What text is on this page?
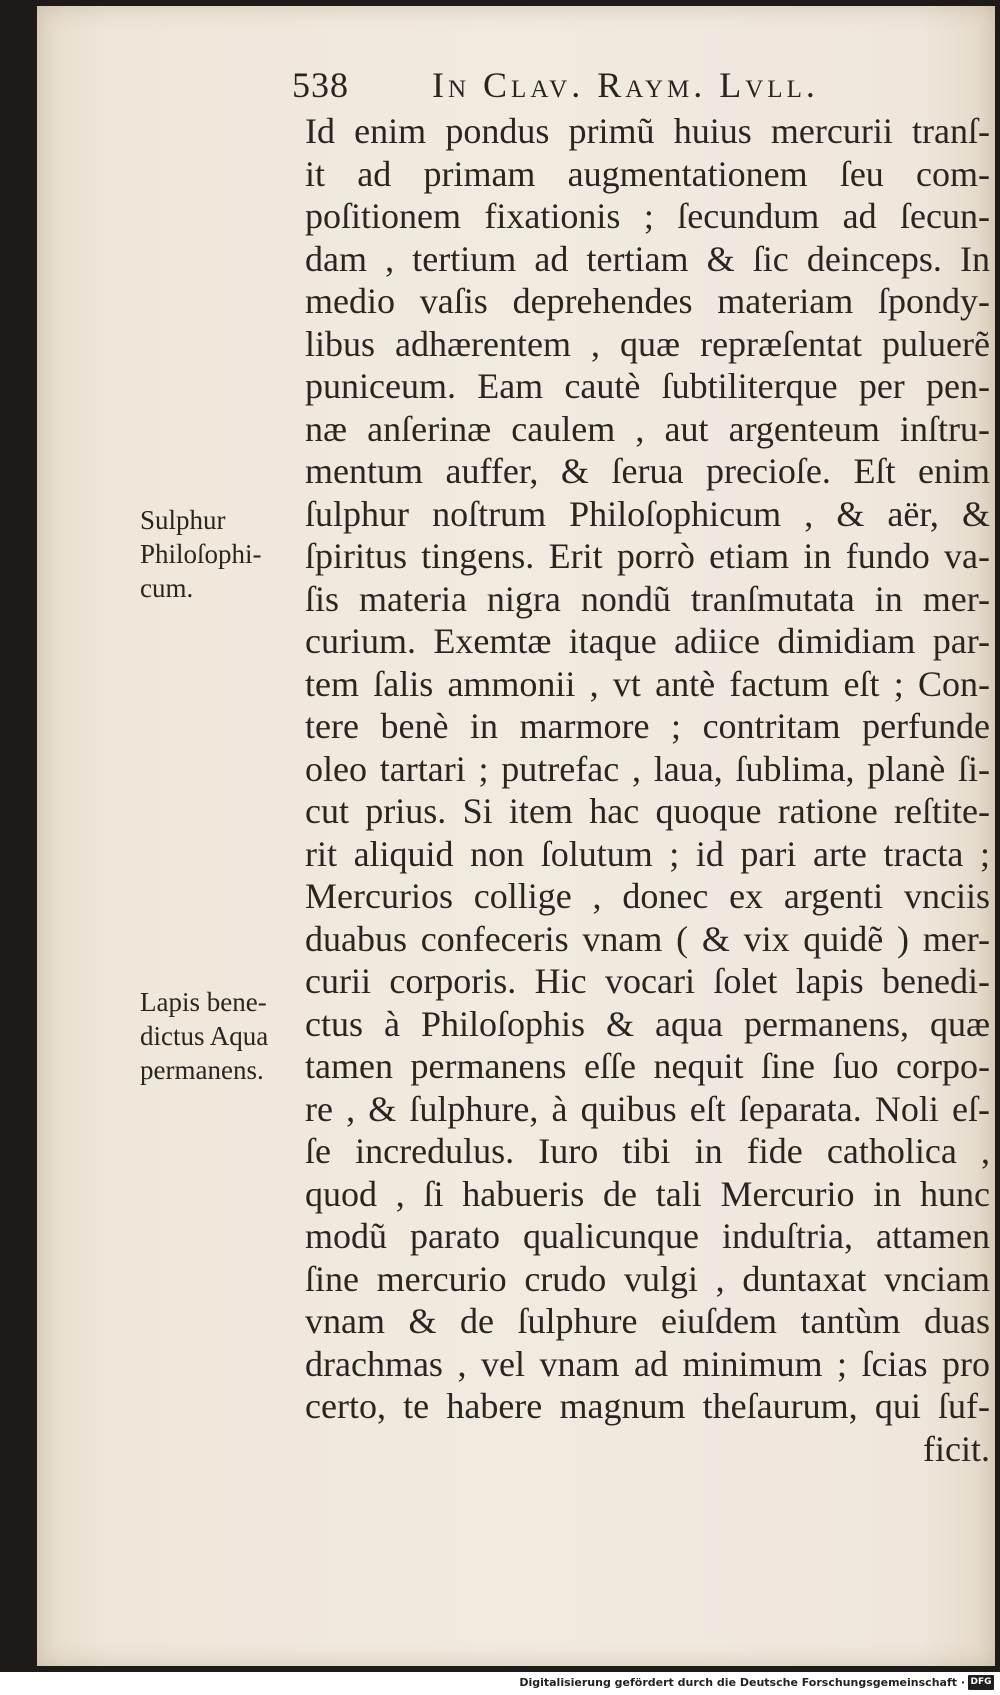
538 In Clav. Raym. Lvll.
Id enim pondus primũ huius mercurii tranſ-
it ad primam augmentationem ſeu com-
poſitionem fixationis ; ſecundum ad ſecun-
dam , tertium ad tertiam & ſic deinceps. In
medio vaſis deprehendes materiam ſpondy-
libus adhærentem , quæ repræſentat puluerẽ
puniceum. Eam cautè ſubtiliterque per pen-
næ anſerinæ caulem , aut argenteum inſtru-
mentum auffer, & ſerua precioſe. Eſt enim
ſulphur noſtrum Philoſophicum , & aër, &
ſpiritus tingens. Erit porrò etiam in fundo va-
ſis materia nigra nondũ tranſmutata in mer-
curium. Exemtæ itaque adiice dimidiam par-
tem ſalis ammonii , vt antè factum eſt ; Con-
tere benè in marmore ; contritam perfunde
oleo tartari ; putrefac , laua, ſublima, planè ſi-
cut prius. Si item hac quoque ratione reſtite-
rit aliquid non ſolutum ; id pari arte tracta ;
Mercurios collige , donec ex argenti vnciis
duabus confeceris vnam ( & vix quidẽ ) mer-
curii corporis. Hic vocari ſolet lapis benedi-
ctus à Philoſophis & aqua permanens, quæ
tamen permanens eſſe nequit ſine ſuo corpo-
re , & ſulphure, à quibus eſt ſeparata. Noli eſ-
ſe incredulus. Iuro tibi in fide catholica ,
quod , ſi habueris de tali Mercurio in hunc
modũ parato qualicunque induſtria, attamen
ſine mercurio crudo vulgi , duntaxat vnciam
vnam & de ſulphure eiuſdem tantùm duas
drachmas , vel vnam ad minimum ; ſcias pro
certo, te habere magnum theſaurum, qui ſuf-
ficit.
Sulphur
Philoſophi-
cum.
Lapis bene-
dictus Aqua
permanens.
Digitalisierung gefördert durch die Deutsche Forschungsgemeinschaft · DFG
